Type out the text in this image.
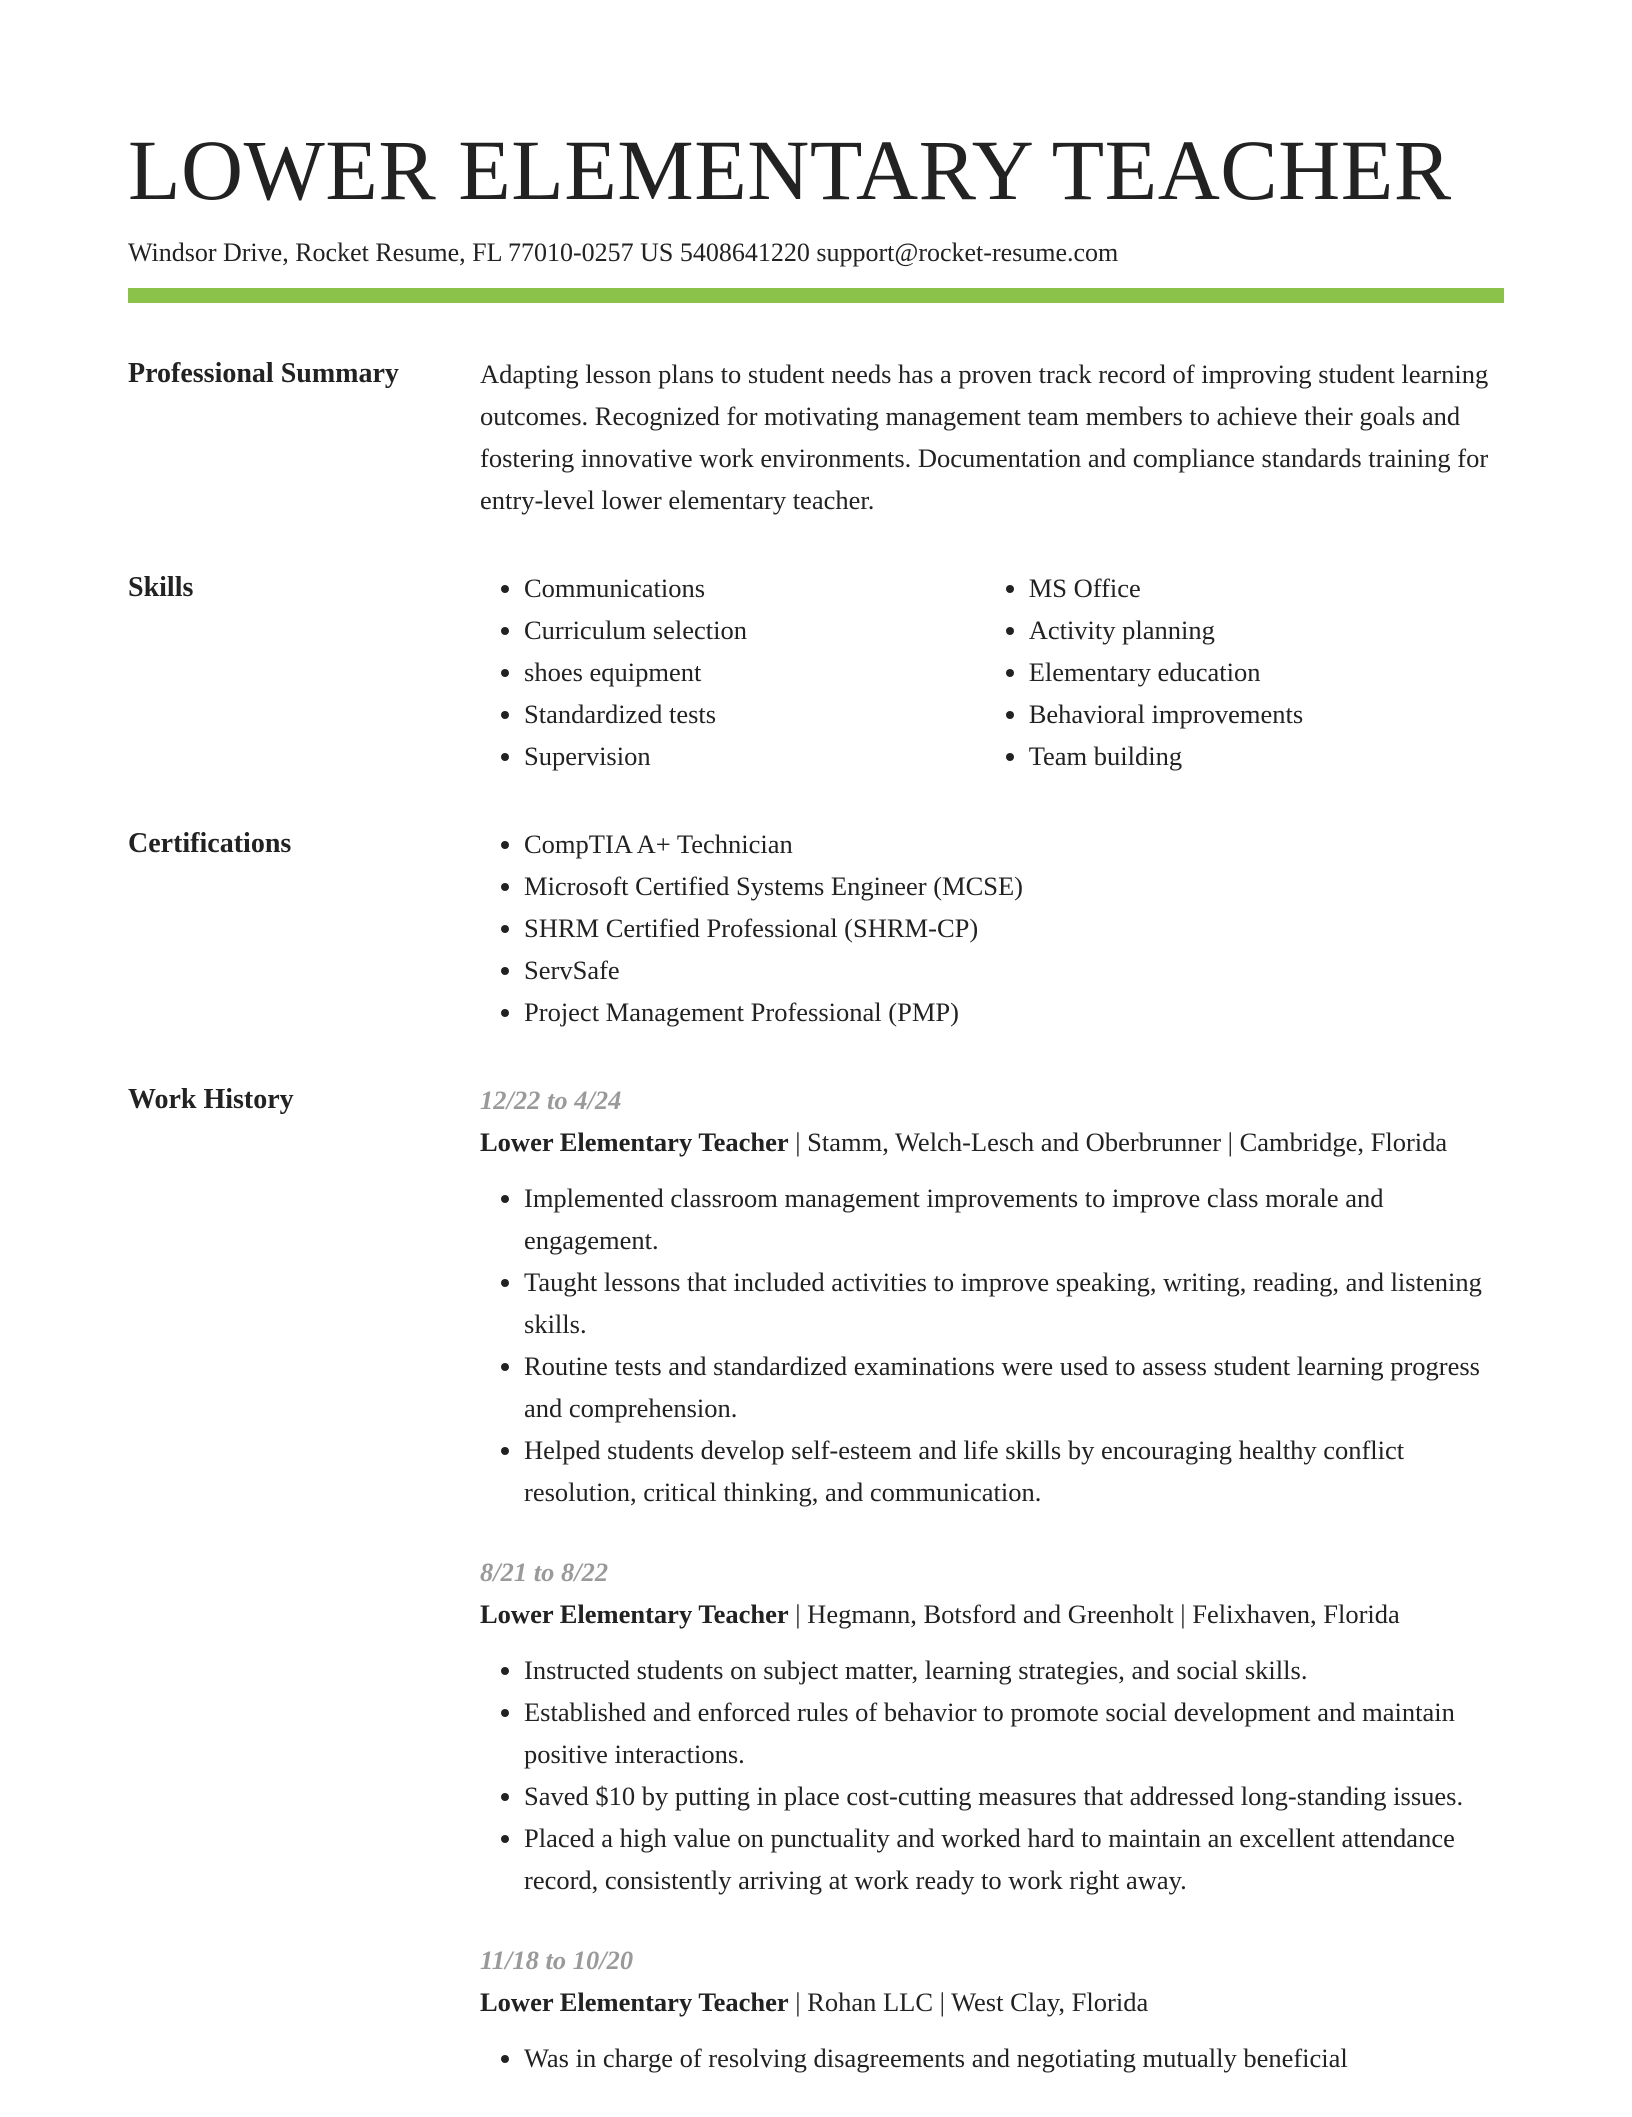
LOWER ELEMENTARY TEACHER
Windsor Drive, Rocket Resume, FL 77010-0257 US 5408641220 support@rocket-resume.com
Professional Summary	Adapting lesson plans to student needs has a proven track record of improving student learning outcomes. Recognized for motivating management team members to achieve their goals and fostering innovative work environments. Documentation and compliance standards training for entry-level lower elementary teacher.

Skills	• Communications
• Curriculum selection
• shoes equipment
• Standardized tests
• Supervision
• MS Office
• Activity planning
• Elementary education
• Behavioral improvements
• Team building
Certifications	• CompTIA A+ Technician
• Microsoft Certified Systems Engineer (MCSE)
• SHRM Certified Professional (SHRM-CP)
• ServSafe
• Project Management Professional (PMP)
Work History	12/22 to 4/24
Lower Elementary Teacher | Stamm, Welch-Lesch and Oberbrunner | Cambridge, Florida
• Implemented classroom management improvements to improve class morale and engagement.
• Taught lessons that included activities to improve speaking, writing, reading, and listening skills.
• Routine tests and standardized examinations were used to assess student learning progress and comprehension.
• Helped students develop self-esteem and life skills by encouraging healthy conflict resolution, critical thinking, and communication.
8/21 to 8/22
Lower Elementary Teacher | Hegmann, Botsford and Greenholt | Felixhaven, Florida
• Instructed students on subject matter, learning strategies, and social skills.
• Established and enforced rules of behavior to promote social development and maintain positive interactions.
• Saved $10 by putting in place cost-cutting measures that addressed long-standing issues.
• Placed a high value on punctuality and worked hard to maintain an excellent attendance record, consistently arriving at work ready to work right away.
11/18 to 10/20
Lower Elementary Teacher | Rohan LLC | West Clay, Florida
• Was in charge of resolving disagreements and negotiating mutually beneficial
